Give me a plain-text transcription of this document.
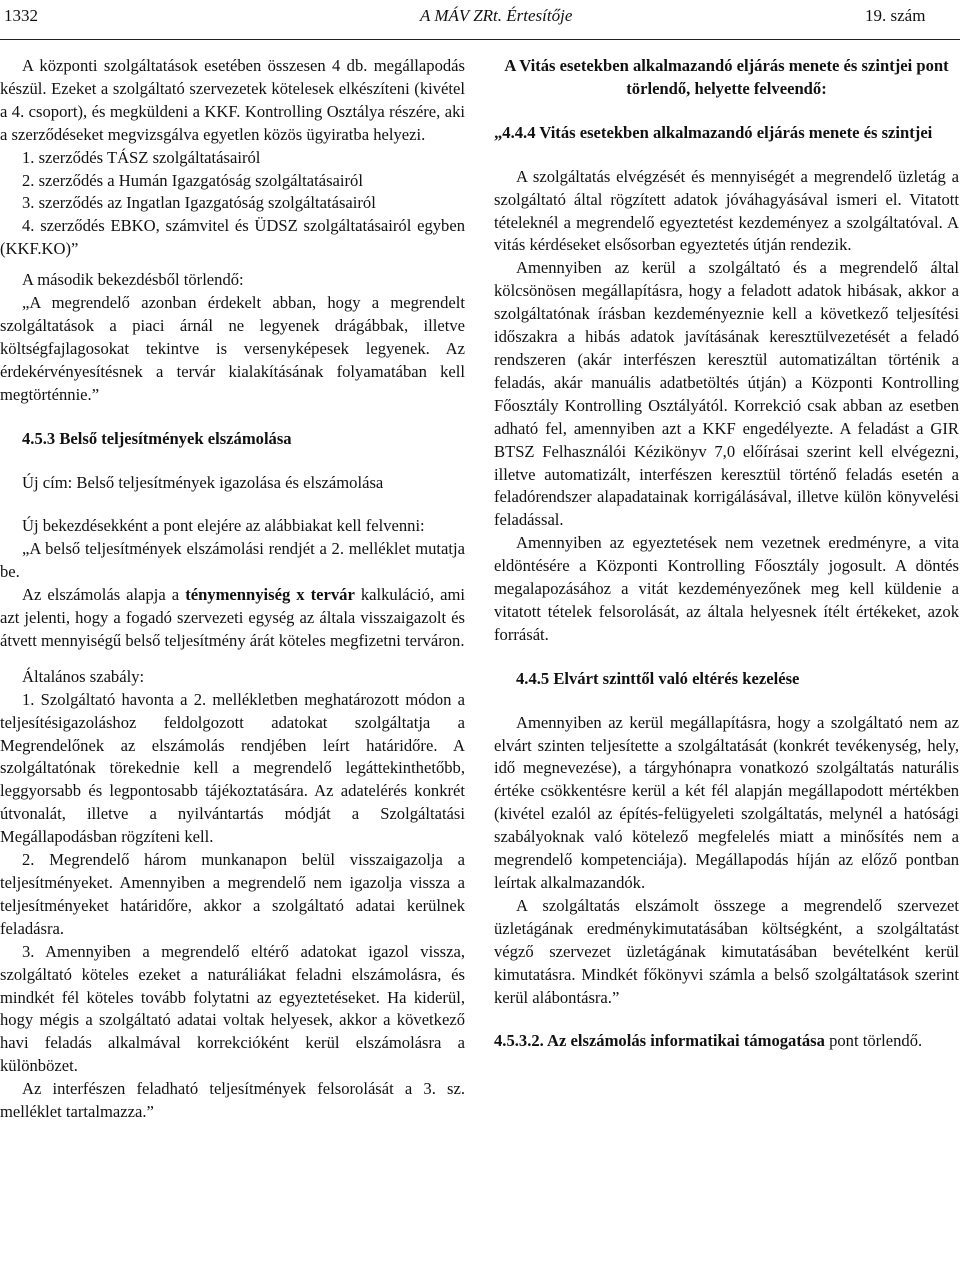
1332	A MÁV ZRt. Értesítője	19. szám

A központi szolgáltatások esetében összesen 4 db. megállapodás készül. Ezeket a szolgáltató szervezetek kötelesek elkészíteni (kivétel a 4. csoport), és megküldeni a KKF. Kontrolling Osztálya részére, aki a szerződéseket megvizsgálva egyetlen közös ügyiratba helyezi.

1. szerződés TÁSZ szolgáltatásairól

2. szerződés a Humán Igazgatóság szolgáltatásairól

3. szerződés az Ingatlan Igazgatóság szolgáltatásairól

4. szerződés EBKO, számvitel és ÜDSZ szolgáltatásairól egyben (KKF.KO)”

A második bekezdésből törlendő:

„A megrendelő azonban érdekelt abban, hogy a megrendelt szolgáltatások a piaci árnál ne legyenek drágábbak, illetve költségfajlagosokat tekintve is versenyképesek legyenek. Az érdekérvényesítésnek a tervár kialakításának folyamatában kell megtörténnie.”

4.5.3 Belső teljesítmények elszámolása

Új cím: Belső teljesítmények igazolása és elszámolása

Új bekezdésekként a pont elejére az alábbiakat kell felvenni:

„A belső teljesítmények elszámolási rendjét a 2. melléklet mutatja be.

Az elszámolás alapja a ténymennyiség x tervár kalkuláció, ami azt jelenti, hogy a fogadó szervezeti egység az általa visszaigazolt és átvett mennyiségű belső teljesítmény árát köteles megfizetni terváron.

Általános szabály:

1. Szolgáltató havonta a 2. mellékletben meghatározott módon a teljesítésigazoláshoz feldolgozott adatokat szolgáltatja a Megrendelőnek az elszámolás rendjében leírt határidőre. A szolgáltatónak törekednie kell a megrendelő legáttekinthetőbb, leggyorsabb és legpontosabb tájékoztatására. Az adatelérés konkrét útvonalát, illetve a nyilvántartás módját a Szolgáltatási Megállapodásban rögzíteni kell.

2. Megrendelő három munkanapon belül visszaigazolja a teljesítményeket. Amennyiben a megrendelő nem igazolja vissza a teljesítményeket határidőre, akkor a szolgáltató adatai kerülnek feladásra.

3. Amennyiben a megrendelő eltérő adatokat igazol vissza, szolgáltató köteles ezeket a naturáliákat feladni elszámolásra, és mindkét fél köteles tovább folytatni az egyeztetéseket. Ha kiderül, hogy mégis a szolgáltató adatai voltak helyesek, akkor a következő havi feladás alkalmával korrekcióként kerül elszámolásra a különbözet.

Az interfészen feladható teljesítmények felsorolását a 3. sz. melléklet tartalmazza.”

A Vitás esetekben alkalmazandó eljárás menete és szintjei pont törlendő, helyette felveendő:

„4.4.4 Vitás esetekben alkalmazandó eljárás menete és szintjei

A szolgáltatás elvégzését és mennyiségét a megrendelő üzletág a szolgáltató által rögzített adatok jóváhagyásával ismeri el. Vitatott tételeknél a megrendelő egyeztetést kezdeményez a szolgáltatóval. A vitás kérdéseket elsősorban egyeztetés útján rendezik.

Amennyiben az kerül a szolgáltató és a megrendelő által kölcsönösen megállapításra, hogy a feladott adatok hibásak, akkor a szolgáltatónak írásban kezdeményeznie kell a következő teljesítési időszakra a hibás adatok javításának keresztülvezetését a feladó rendszeren (akár interfészen keresztül automatizáltan történik a feladás, akár manuális adatbetöltés útján) a Központi Kontrolling Főosztály Kontrolling Osztályától. Korrekció csak abban az esetben adható fel, amennyiben azt a KKF engedélyezte. A feladást a GIR BTSZ Felhasználói Kézikönyv 7,0 előírásai szerint kell elvégezni, illetve automatizált, interfészen keresztül történő feladás esetén a feladórendszer alapadatainak korrigálásával, illetve külön könyvelési feladással.

Amennyiben az egyeztetések nem vezetnek eredményre, a vita eldöntésére a Központi Kontrolling Főosztály jogosult. A döntés megalapozásához a vitát kezdeményezőnek meg kell küldenie a vitatott tételek felsorolását, az általa helyesnek ítélt értékeket, azok forrását.

4.4.5 Elvárt szinttől való eltérés kezelése

Amennyiben az kerül megállapításra, hogy a szolgáltató nem az elvárt szinten teljesítette a szolgáltatását (konkrét tevékenység, hely, idő megnevezése), a tárgyhónapra vonatkozó szolgáltatás naturális értéke csökkentésre kerül a két fél alapján megállapodott mértékben (kivétel ezalól az építés-felügyeleti szolgáltatás, melynél a hatósági szabályoknak való kötelező megfelelés miatt a minősítés nem a megrendelő kompetenciája). Megállapodás híján az előző pontban leírtak alkalmazandók.

A szolgáltatás elszámolt összege a megrendelő szervezet üzletágának eredménykimutatásában költségként, a szolgáltatást végző szervezet üzletágának kimutatásában bevételként kerül kimutatásra. Mindkét főkönyvi számla a belső szolgáltatások szerint kerül alábontásra.”

4.5.3.2. Az elszámolás informatikai támogatása pont törlendő.
